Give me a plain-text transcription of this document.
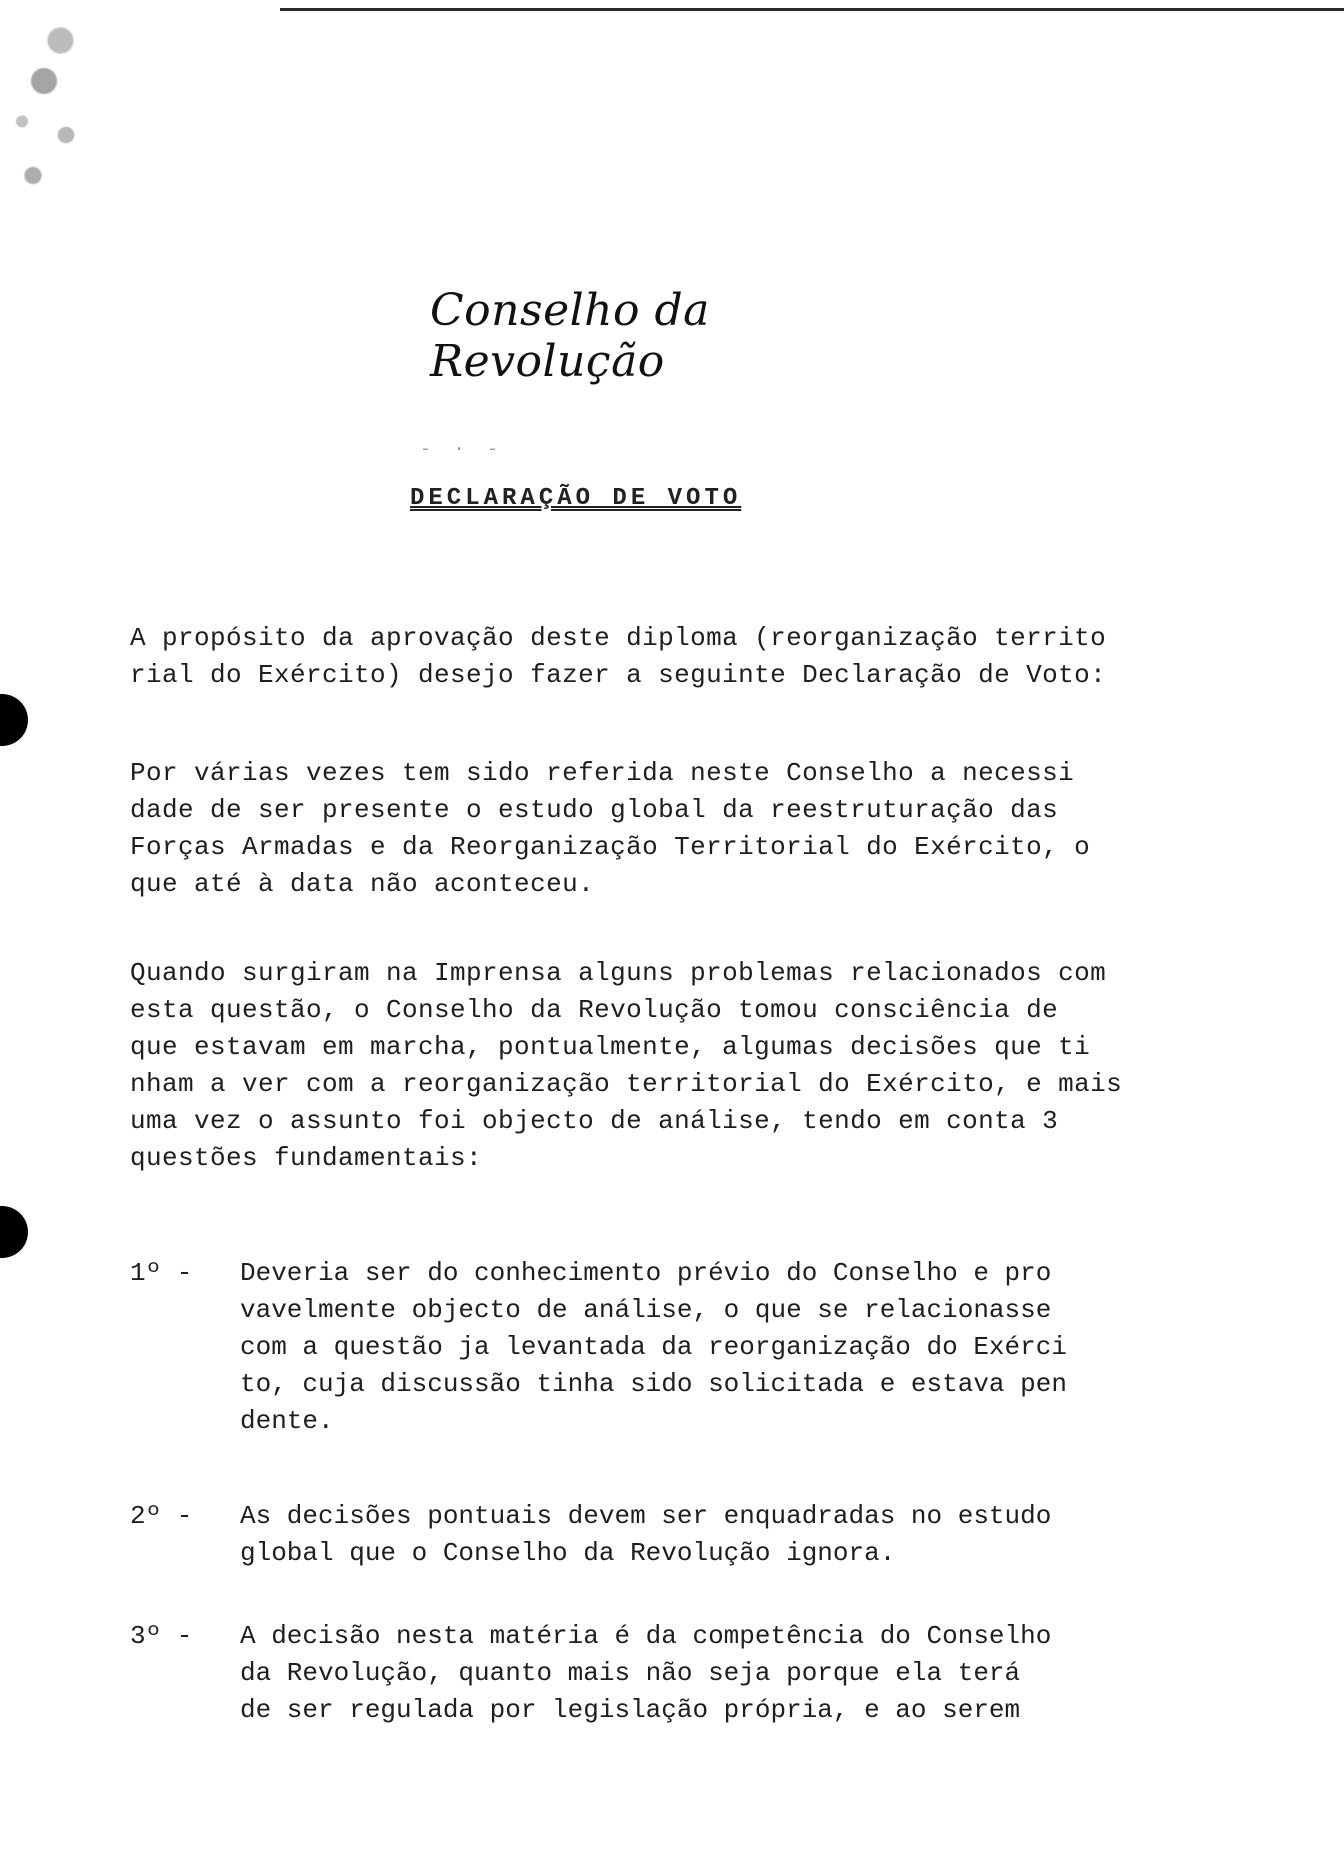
Conselho da Revolução
- · -
DECLARAÇÃO DE VOTO
A propósito da aprovação deste diploma (reorganização territo
rial do Exército) desejo fazer a seguinte Declaração de Voto:
Por várias vezes tem sido referida neste Conselho a necessi
dade de ser presente o estudo global da reestruturação das
Forças Armadas e da Reorganização Territorial do Exército, o
que até à data não aconteceu.
Quando surgiram na Imprensa alguns problemas relacionados com
esta questão, o Conselho da Revolução tomou consciência de
que estavam em marcha, pontualmente, algumas decisões que ti
nham a ver com a reorganização territorial do Exército, e mais
uma vez o assunto foi objecto de análise, tendo em conta 3
questões fundamentais:
1º -	Deveria ser do conhecimento prévio do Conselho e pro
vavelmente objecto de análise, o que se relacionasse
com a questão ja levantada da reorganização do Exérci
to, cuja discussão tinha sido solicitada e estava pen
dente.
2º -	As decisões pontuais devem ser enquadradas no estudo
global que o Conselho da Revolução ignora.
3º -	A decisão nesta matéria é da competência do Conselho
da Revolução, quanto mais não seja porque ela terá
de ser regulada por legislação própria, e ao serem
